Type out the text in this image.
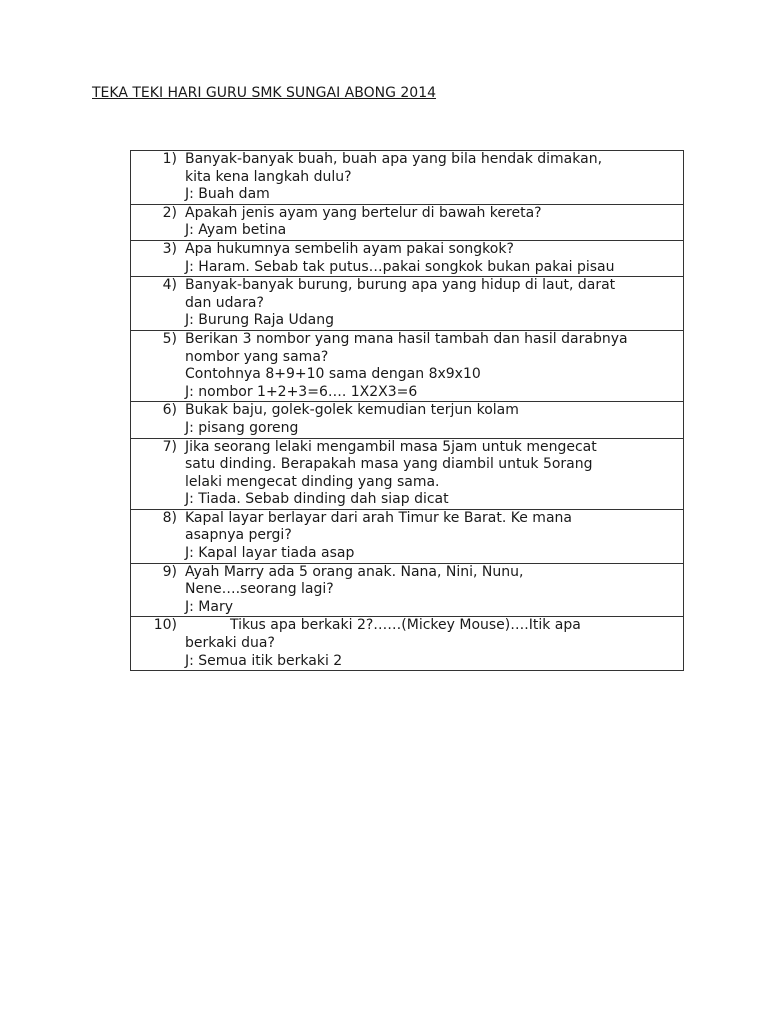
TEKA TEKI HARI GURU SMK SUNGAI ABONG 2014
1) Banyak-banyak buah, buah apa yang bila hendak dimakan,
kita kena langkah dulu?
J: Buah dam

2) Apakah jenis ayam yang bertelur di bawah kereta?
J: Ayam betina

3) Apa hukumnya sembelih ayam pakai songkok?
J: Haram. Sebab tak putus…pakai songkok bukan pakai pisau

4) Banyak-banyak burung, burung apa yang hidup di laut, darat
dan udara?
J: Burung Raja Udang

5) Berikan 3 nombor yang mana hasil tambah dan hasil darabnya
nombor yang sama?
Contohnya 8+9+10 sama dengan 8x9x10
J: nombor 1+2+3=6…. 1X2X3=6

6) Bukak baju, golek-golek kemudian terjun kolam
J: pisang goreng

7) Jika seorang lelaki mengambil masa 5jam untuk mengecat
satu dinding. Berapakah masa yang diambil untuk 5orang
lelaki mengecat dinding yang sama.
J: Tiada. Sebab dinding dah siap dicat

8) Kapal layar berlayar dari arah Timur ke Barat. Ke mana
asapnya pergi?
J: Kapal layar tiada asap

9) Ayah Marry ada 5 orang anak. Nana, Nini, Nunu,
Nene….seorang lagi?
J: Mary

10)	Tikus apa berkaki 2?……(Mickey Mouse)….Itik apa
berkaki dua?
J: Semua itik berkaki 2
